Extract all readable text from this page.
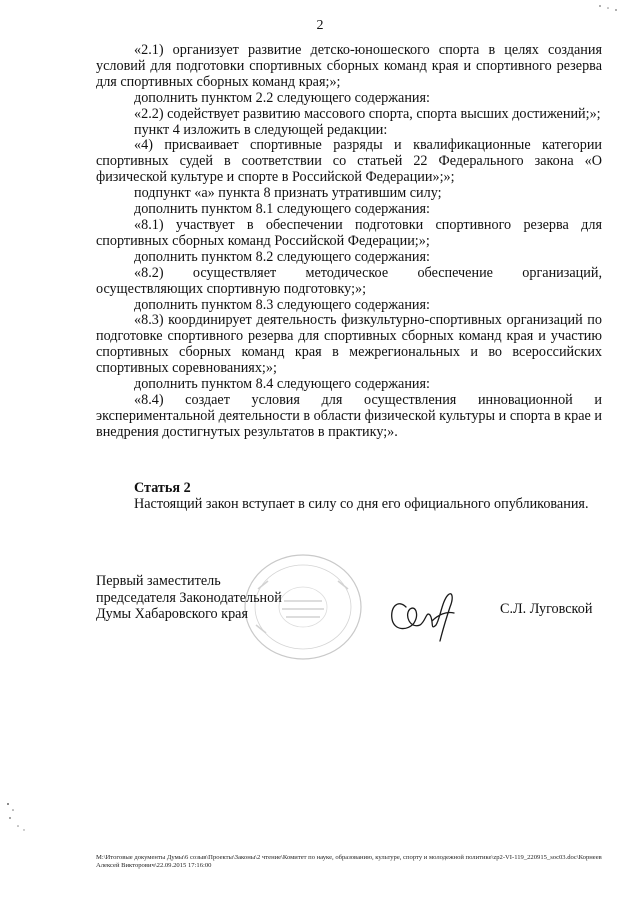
2

«2.1) организует развитие детско-юношеского спорта в целях создания условий для подготовки спортивных сборных команд края и спортивного резерва для спортивных сборных команд края;»;

дополнить пунктом 2.2 следующего содержания:

«2.2) содействует развитию массового спорта, спорта высших достижений;»;

пункт 4 изложить в следующей редакции:

«4) присваивает спортивные разряды и квалификационные категории спортивных судей в соответствии со статьей 22 Федерального закона «О физической культуре и спорте в Российской Федерации»;»;

подпункт «а» пункта 8 признать утратившим силу;

дополнить пунктом 8.1 следующего содержания:

«8.1) участвует в обеспечении подготовки спортивного резерва для спортивных сборных команд Российской Федерации;»;

дополнить пунктом 8.2 следующего содержания:

«8.2) осуществляет методическое обеспечение организаций, осуществляющих спортивную подготовку;»;

дополнить пунктом 8.3 следующего содержания:

«8.3) координирует деятельность физкультурно-спортивных организаций по подготовке спортивного резерва для спортивных сборных команд края и участию спортивных сборных команд края в межрегиональных и во всероссийских спортивных соревнованиях;»;

дополнить пунктом 8.4 следующего содержания:

«8.4) создает условия для осуществления инновационной и экспериментальной деятельности в области физической культуры и спорта в крае и внедрения достигнутых результатов в практику;».

Статья 2
Настоящий закон вступает в силу со дня его официального опубликования.
Первый заместитель
председателя Законодательной
Думы Хабаровского края	С.Л. Луговской
M:\Итоговые документы Думы\6 созыв\Проекты\Законы\2 чтение\Комитет по науке, образованию, культуре, спорту и молодежной политике\zp2-VI-119_220915_soc03.doc\Корнеев Алексей Викторович\22.09.2015 17:16:00
